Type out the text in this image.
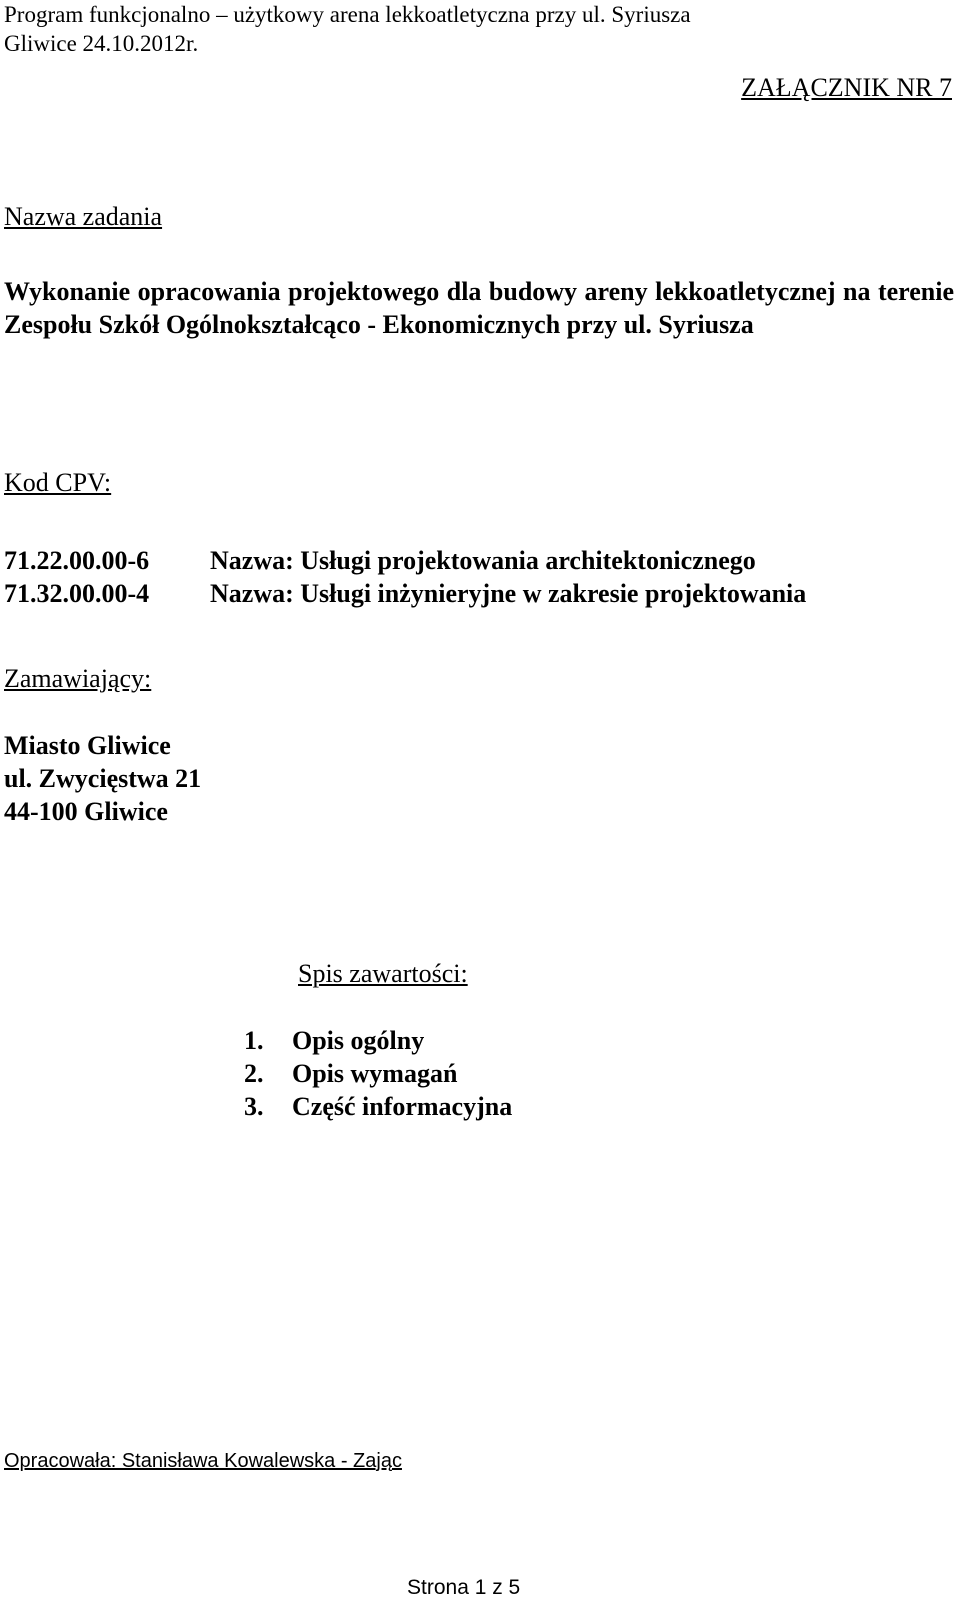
Program funkcjonalno – użytkowy arena lekkoatletyczna przy ul. Syriusza

Gliwice 24.10.2012r.

ZAŁĄCZNIK NR 7

Nazwa zadania

Wykonanie opracowania projektowego dla budowy areny lekkoatletycznej na terenie Zespołu Szkół Ogólnokształcąco - Ekonomicznych przy ul. Syriusza

Kod CPV:

71.22.00.00-6 Nazwa: Usługi projektowania architektonicznego
71.32.00.00-4 Nazwa: Usługi inżynieryjne w zakresie projektowania

Zamawiający:

Miasto Gliwice

ul. Zwycięstwa 21

44-100 Gliwice

Spis zawartości:

1. Opis ogólny
2. Opis wymagań
3. Część informacyjna

Opracowała: Stanisława Kowalewska - Zając

Strona 1 z 5
